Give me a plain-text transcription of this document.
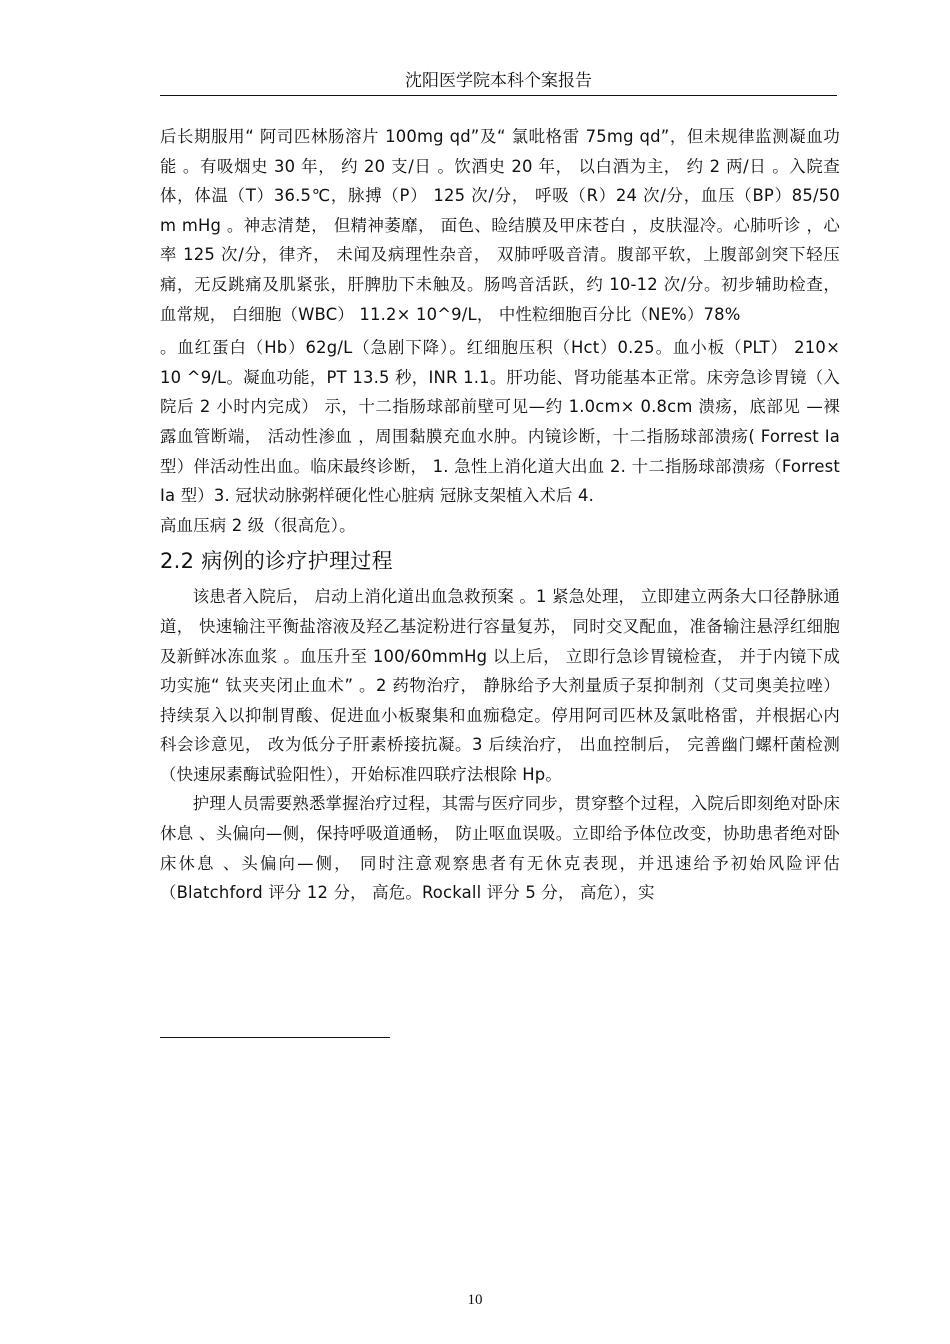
沈阳医学院本科个案报告

后长期服用“ 阿司匹林肠溶片 100mg qd”及“ 氯吡格雷 75mg qd”，但未规律监测凝血功能 。有吸烟史 30 年， 约 20 支/日 。饮酒史 20 年， 以白酒为主， 约 2 两/日 。入院查体，体温（T）36.5℃，脉搏（P） 125 次/分， 呼吸（R）24 次/分，血压（BP）85/50 m mHg 。神志清楚， 但精神萎靡， 面色、睑结膜及甲床苍白 ，皮肤湿冷。心肺听诊 ，心率 125 次/分，律齐， 未闻及病理性杂音， 双肺呼吸音清。腹部平软，上腹部剑突下轻压痛，无反跳痛及肌紧张，肝脾肋下未触及。肠鸣音活跃，约 10-12 次/分。初步辅助检查， 血常规， 白细胞（WBC） 11.2× 10^9/L， 中性粒细胞百分比（NE%）78%

。血红蛋白（Hb）62g/L（急剧下降）。红细胞压积（Hct）0.25。血小板（PLT） 210× 10 ^9/L。凝血功能，PT 13.5 秒，INR 1.1。肝功能、肾功能基本正常。床旁急诊胃镜（入院后 2 小时内完成） 示，十二指肠球部前壁可见—约 1.0cm× 0.8cm 溃疡，底部见 —裸露血管断端， 活动性渗血 ，周围黏膜充血水肿。内镜诊断，十二指肠球部溃疡( Forrest Ia 型）伴活动性出血。临床最终诊断， 1. 急性上消化道大出血 2. 十二指肠球部溃疡（Forrest Ia 型）3. 冠状动脉粥样硬化性心脏病 冠脉支架植入术后 4.

高血压病 2 级（很高危）。

2.2 病例的诊疗护理过程

该患者入院后， 启动上消化道出血急救预案 。1 紧急处理， 立即建立两条大口径静脉通道， 快速输注平衡盐溶液及羟乙基淀粉进行容量复苏， 同时交叉配血，准备输注悬浮红细胞及新鲜冰冻血浆 。血压升至 100/60mmHg 以上后， 立即行急诊胃镜检查， 并于内镜下成功实施“ 钛夹夹闭止血术” 。2 药物治疗， 静脉给予大剂量质子泵抑制剂（艾司奥美拉唑）持续泵入以抑制胃酸、促进血小板聚集和血痂稳定。停用阿司匹林及氯吡格雷，并根据心内科会诊意见， 改为低分子肝素桥接抗凝。3 后续治疗， 出血控制后， 完善幽门螺杆菌检测 （快速尿素酶试验阳性），开始标准四联疗法根除 Hp。

护理人员需要熟悉掌握治疗过程，其需与医疗同步，贯穿整个过程，入院后即刻绝对卧床休息 、头偏向—侧，保持呼吸道通畅， 防止呕血误吸。立即给予体位改变，协助患者绝对卧床休息 、头偏向—侧， 同时注意观察患者有无休克表现，并迅速给予初始风险评估（Blatchford 评分 12 分， 高危。Rockall 评分 5 分， 高危），实

10
